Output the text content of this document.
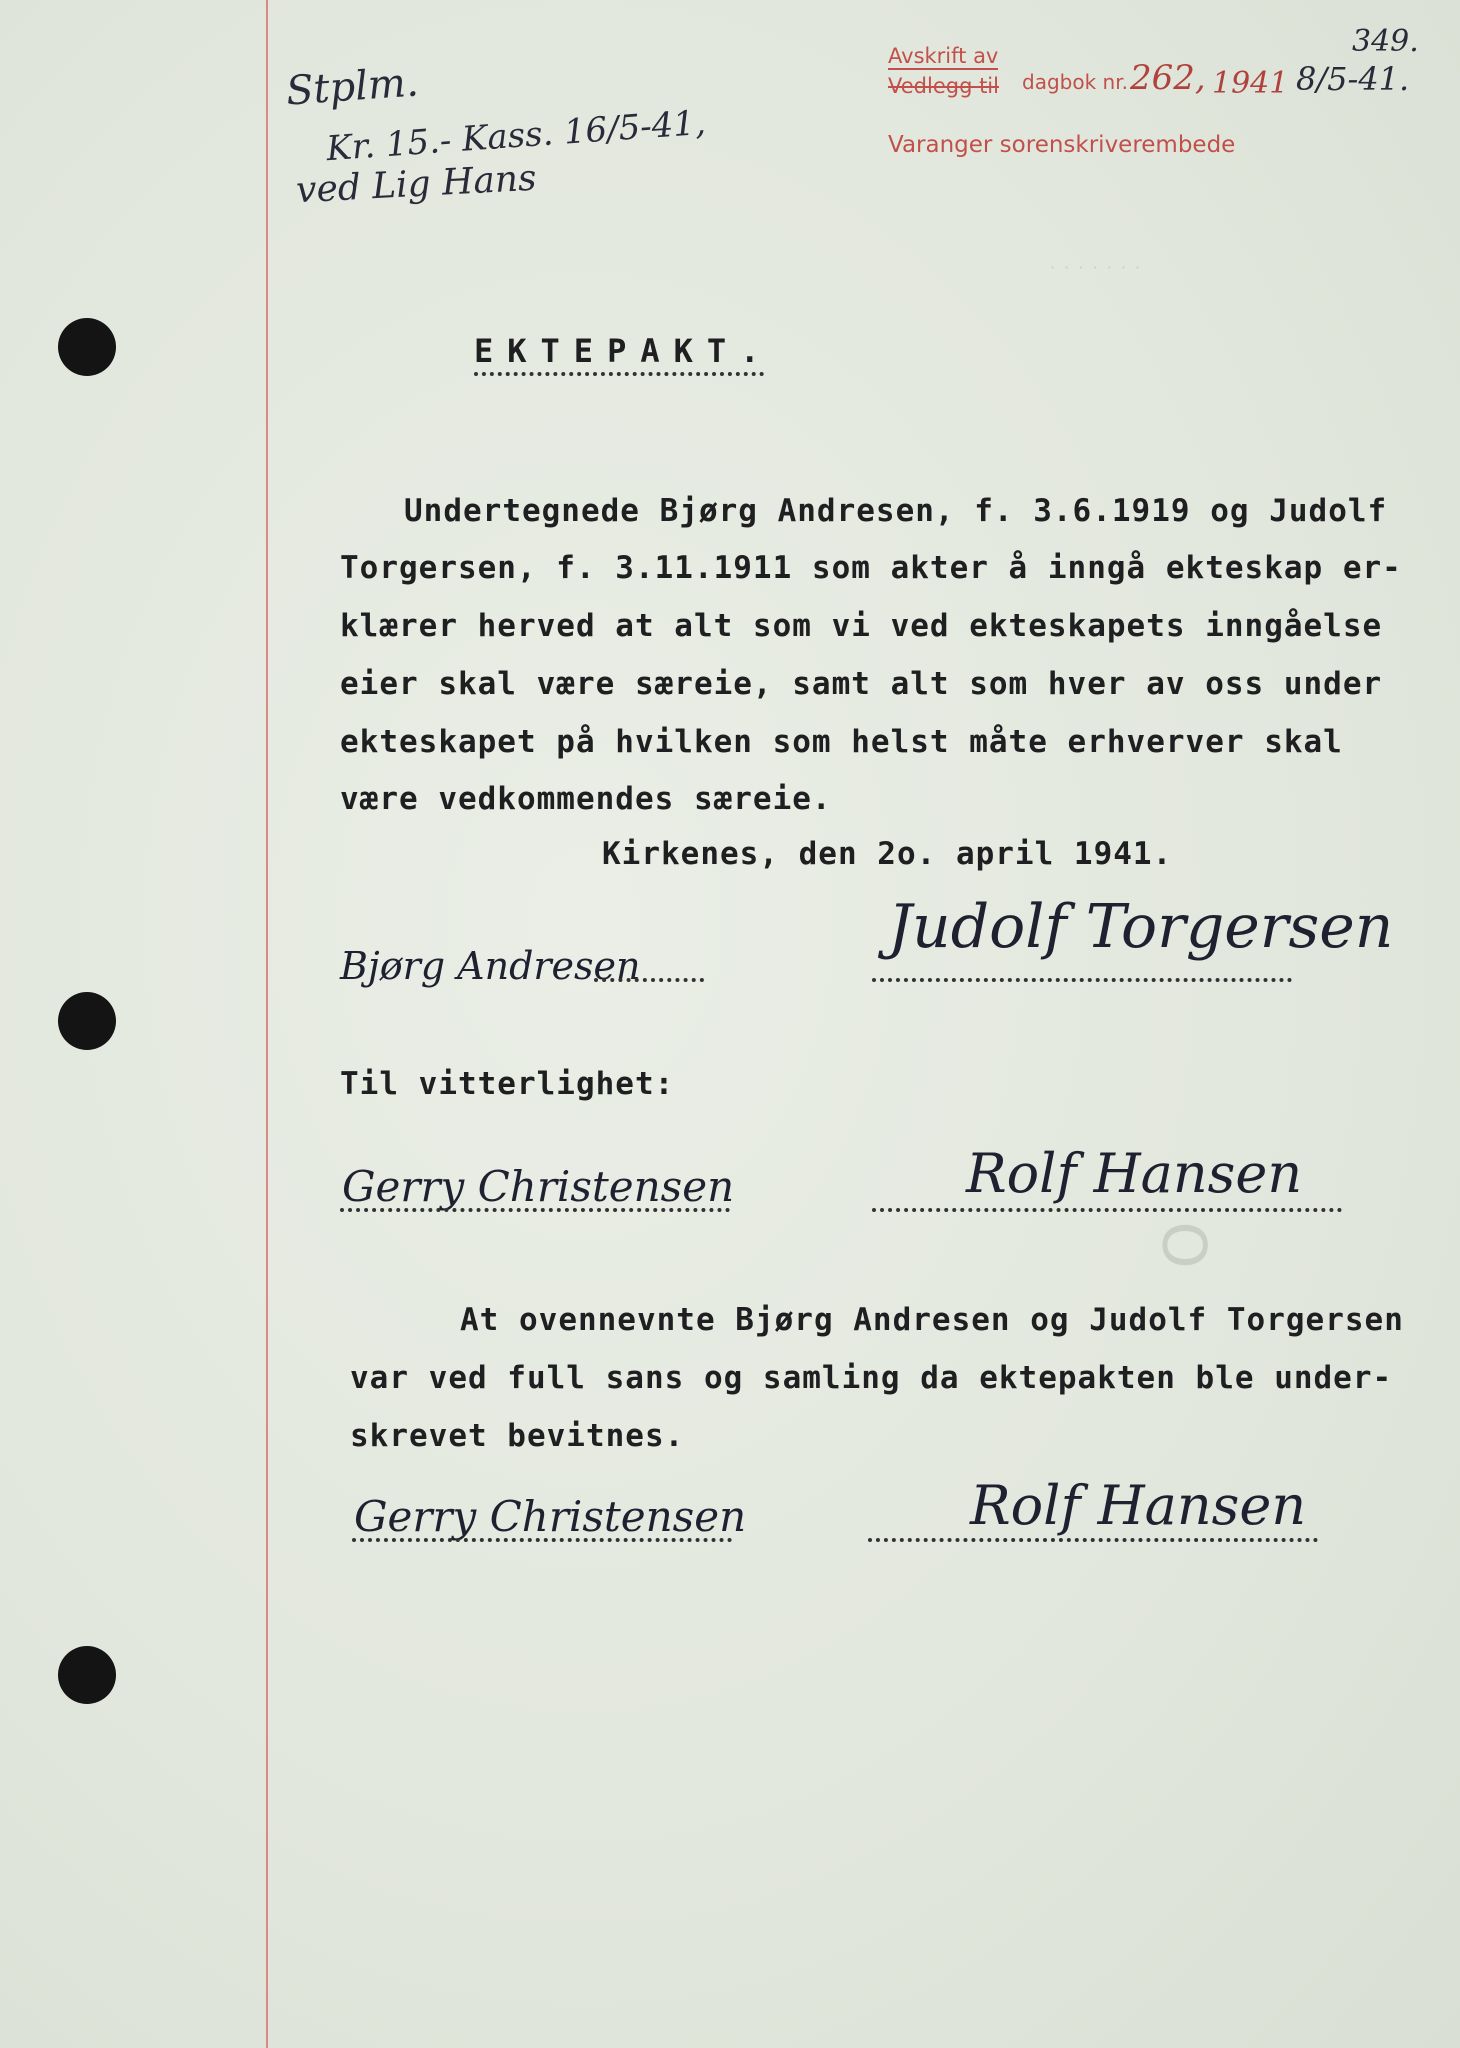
· · · · · · ·
O
Avskrift av
Vedlegg til dagbok nr.
Varanger sorenskriverembede
262, 1941 8/5-41.
349.
Stplm.
Kr. 15.- Kass. 16/5-41,
ved Lig Hans
EKTEPAKT.
Undertegnede Bjørg Andresen, f. 3.6.1919 og Judolf
Torgersen, f. 3.11.1911 som akter å inngå ekteskap er-
klærer herved at alt som vi ved ekteskapets inngåelse
eier skal være særeie, samt alt som hver av oss under
ekteskapet på hvilken som helst måte erhverver skal
være vedkommendes særeie.
Kirkenes, den 2o. april 1941.
Bjørg Andresen
Judolf Torgersen
Til vitterlighet:
Gerry Christensen	Rolf Hansen
At ovennevnte Bjørg Andresen og Judolf Torgersen
var ved full sans og samling da ektepakten ble under-
skrevet bevitnes.
Gerry Christensen	Rolf Hansen
